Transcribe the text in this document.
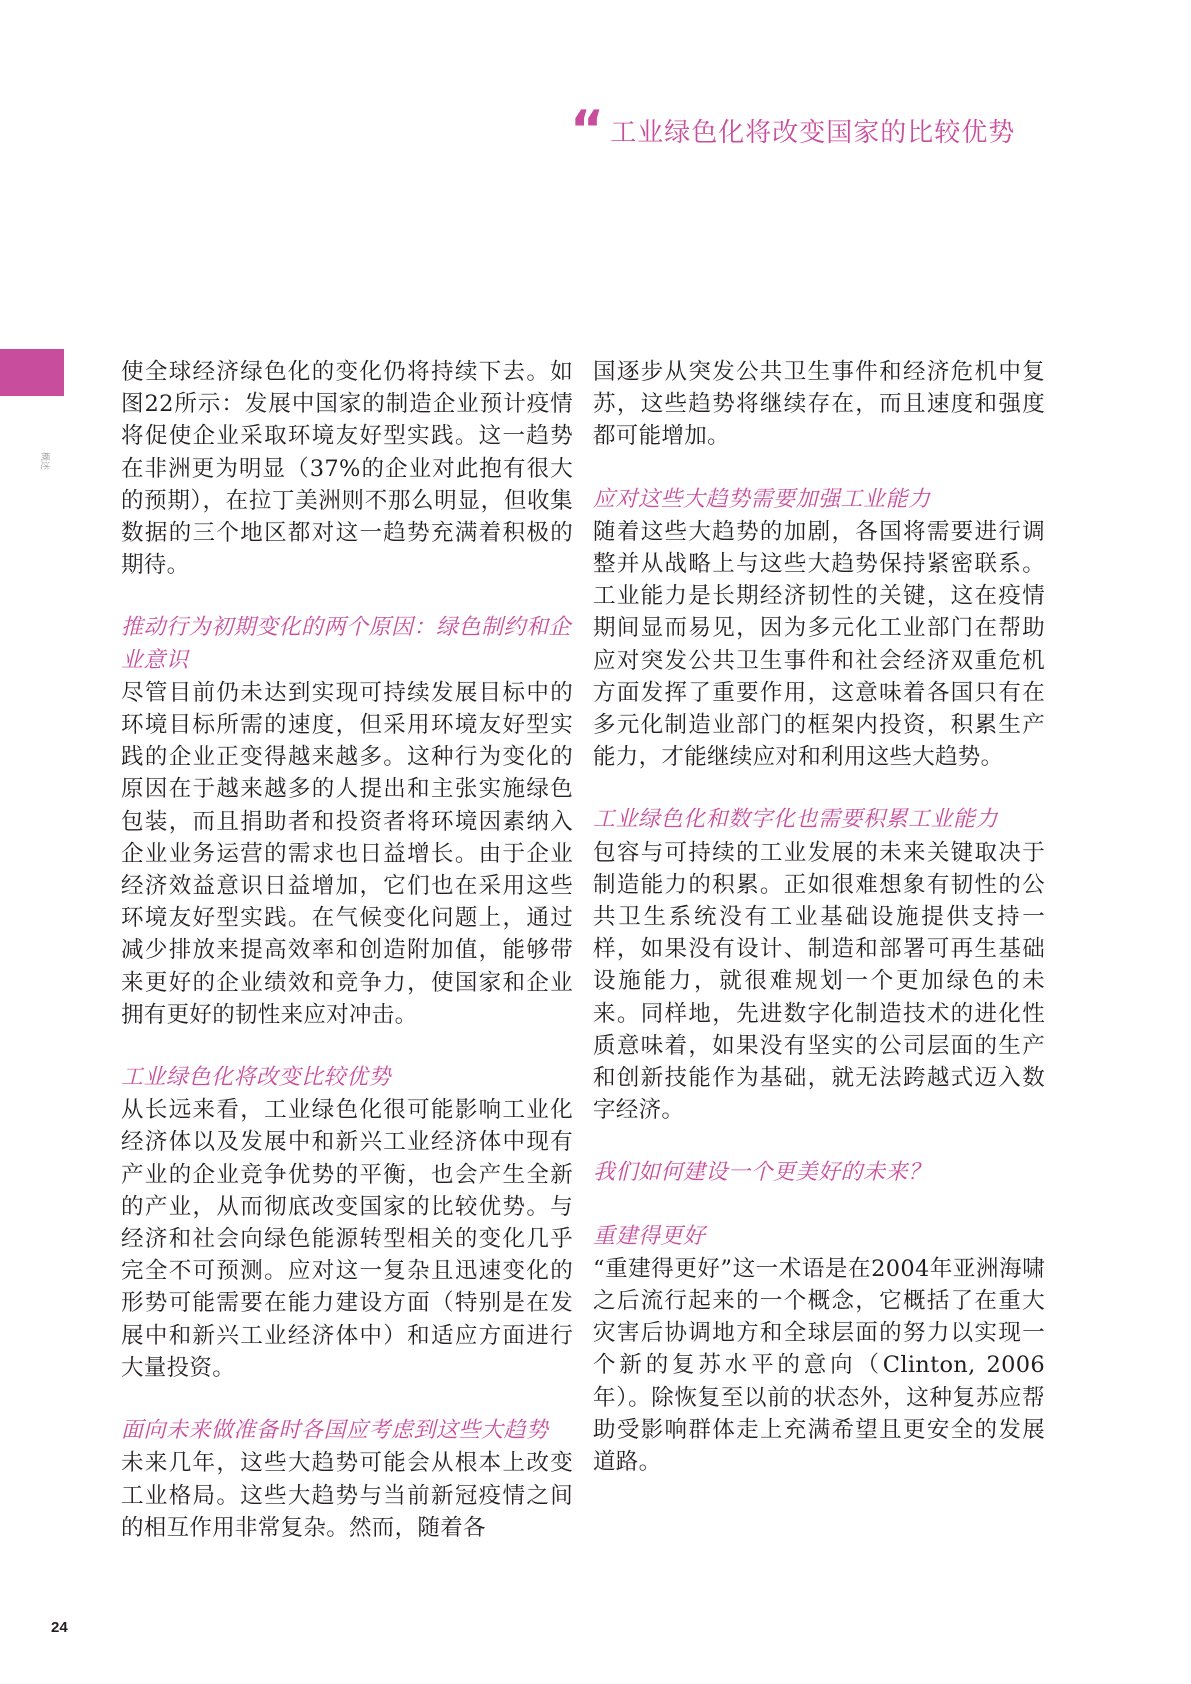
概述
“ 工业绿色化将改变国家的比较优势

使全球经济绿色化的变化仍将持续下去。如图22所示：发展中国家的制造企业预计疫情将促使企业采取环境友好型实践。这一趋势在非洲更为明显（37%的企业对此抱有很大的预期），在拉丁美洲则不那么明显，但收集数据的三个地区都对这一趋势充满着积极的期待。

推动行为初期变化的两个原因：绿色制约和企业意识

尽管目前仍未达到实现可持续发展目标中的环境目标所需的速度，但采用环境友好型实践的企业正变得越来越多。这种行为变化的原因在于越来越多的人提出和主张实施绿色包装，而且捐助者和投资者将环境因素纳入企业业务运营的需求也日益增长。由于企业经济效益意识日益增加，它们也在采用这些环境友好型实践。在气候变化问题上，通过减少排放来提高效率和创造附加值，能够带来更好的企业绩效和竞争力，使国家和企业拥有更好的韧性来应对冲击。

工业绿色化将改变比较优势

从长远来看，工业绿色化很可能影响工业化经济体以及发展中和新兴工业经济体中现有产业的企业竞争优势的平衡，也会产生全新的产业，从而彻底改变国家的比较优势。与经济和社会向绿色能源转型相关的变化几乎完全不可预测。应对这一复杂且迅速变化的形势可能需要在能力建设方面（特别是在发展中和新兴工业经济体中）和适应方面进行大量投资。

面向未来做准备时各国应考虑到这些大趋势

未来几年，这些大趋势可能会从根本上改变工业格局。这些大趋势与当前新冠疫情之间的相互作用非常复杂。然而，随着各

国逐步从突发公共卫生事件和经济危机中复苏，这些趋势将继续存在，而且速度和强度都可能增加。

应对这些大趋势需要加强工业能力

随着这些大趋势的加剧，各国将需要进行调整并从战略上与这些大趋势保持紧密联系。工业能力是长期经济韧性的关键，这在疫情期间显而易见，因为多元化工业部门在帮助应对突发公共卫生事件和社会经济双重危机方面发挥了重要作用，这意味着各国只有在多元化制造业部门的框架内投资，积累生产能力，才能继续应对和利用这些大趋势。

工业绿色化和数字化也需要积累工业能力

包容与可持续的工业发展的未来关键取决于制造能力的积累。正如很难想象有韧性的公共卫生系统没有工业基础设施提供支持一样，如果没有设计、制造和部署可再生基础设施能力，就很难规划一个更加绿色的未来。同样地，先进数字化制造技术的进化性质意味着，如果没有坚实的公司层面的生产和创新技能作为基础，就无法跨越式迈入数字经济。

我们如何建设一个更美好的未来？

重建得更好

“重建得更好”这一术语是在2004年亚洲海啸之后流行起来的一个概念，它概括了在重大灾害后协调地方和全球层面的努力以实现一个新的复苏水平的意向（Clinton, 2006年）。除恢复至以前的状态外，这种复苏应帮助受影响群体走上充满希望且更安全的发展道路。

24
